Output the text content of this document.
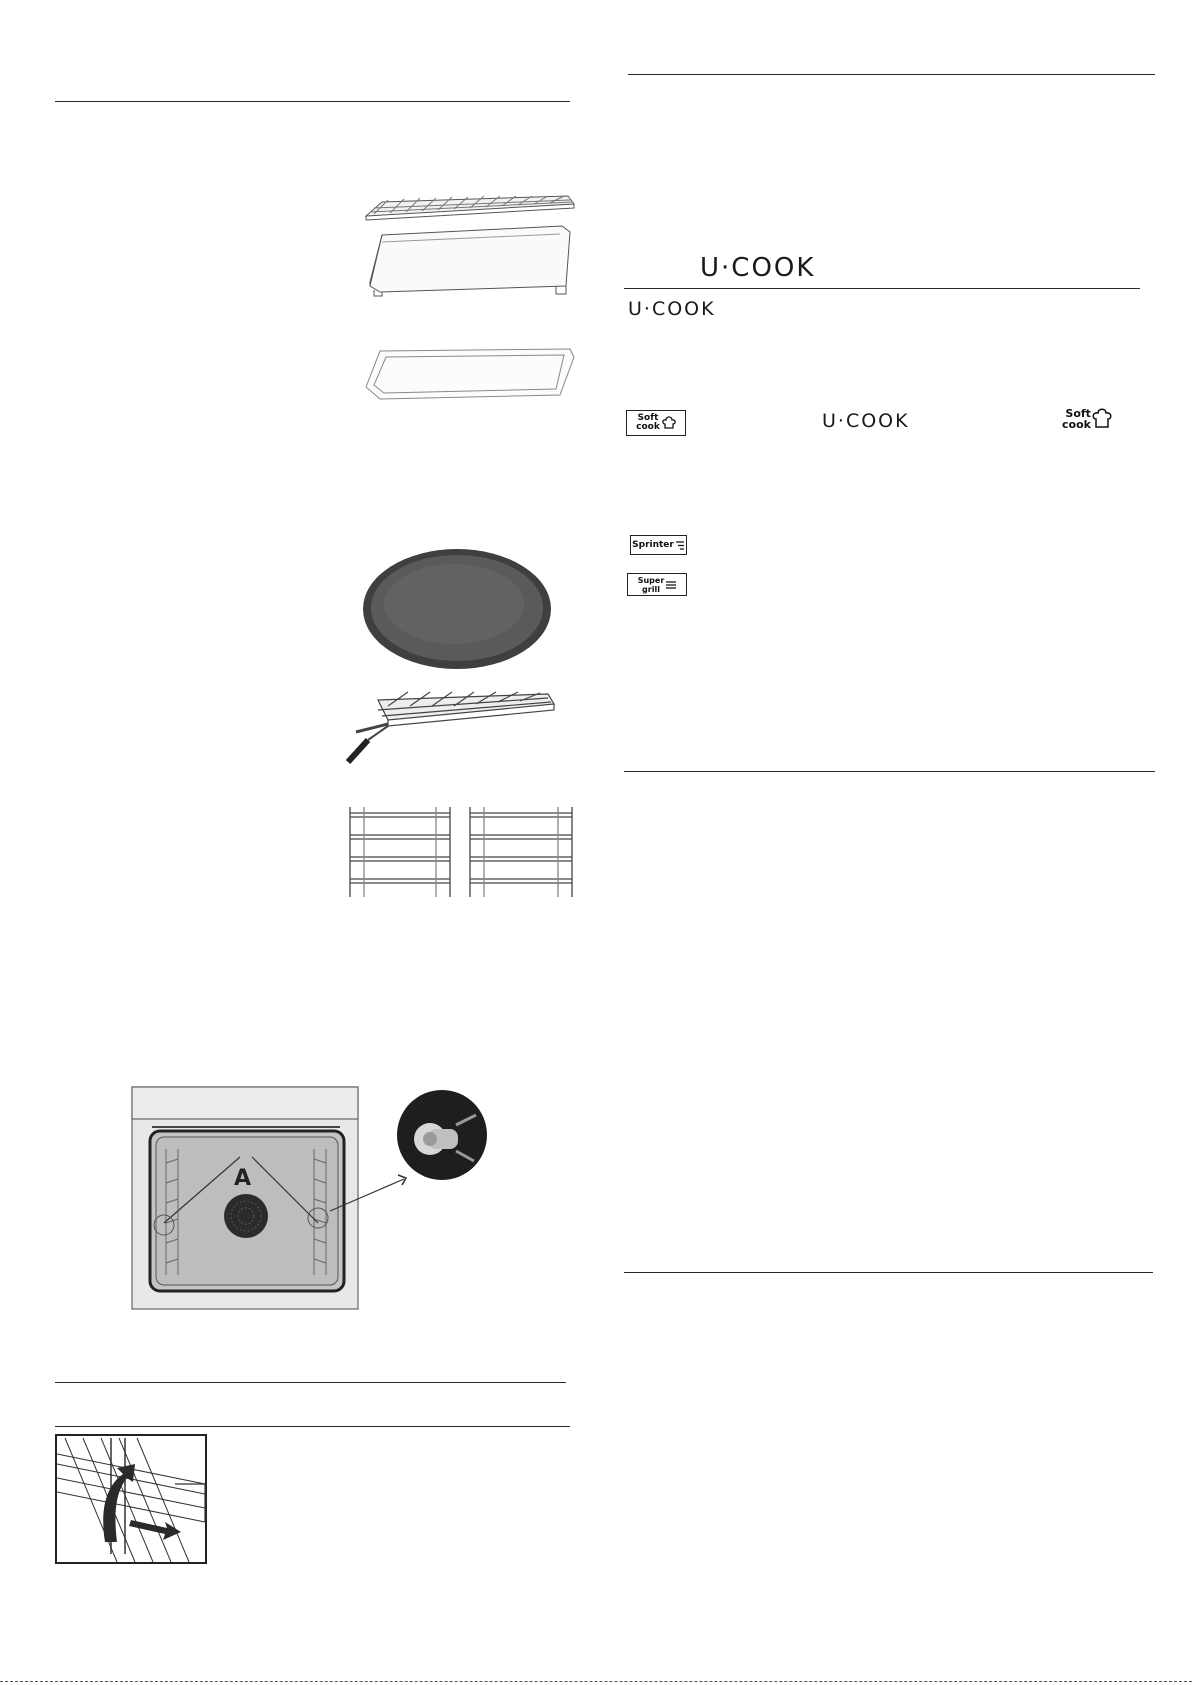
U·COOK
U·COOK
U·COOK
Soft
cook
Soft
cook
Sprinter
Super
grill
A
